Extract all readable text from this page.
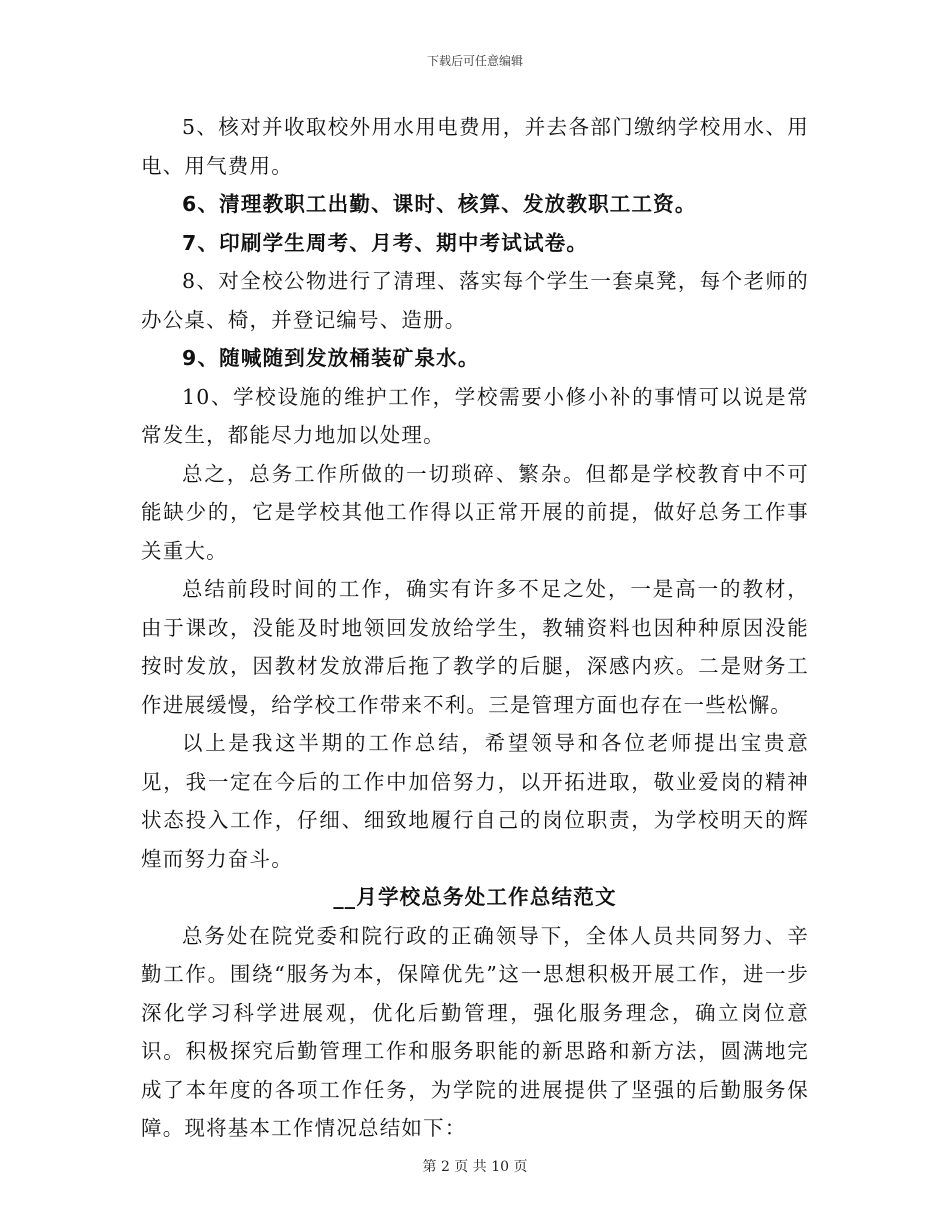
下载后可任意编辑

5、核对并收取校外用水用电费用，并去各部门缴纳学校用水、用电、用气费用。

6、清理教职工出勤、课时、核算、发放教职工工资。

7、印刷学生周考、月考、期中考试试卷。

8、对全校公物进行了清理、落实每个学生一套桌凳，每个老师的办公桌、椅，并登记编号、造册。

9、随喊随到发放桶装矿泉水。

10、学校设施的维护工作，学校需要小修小补的事情可以说是常常发生，都能尽力地加以处理。

总之，总务工作所做的一切琐碎、繁杂。但都是学校教育中不可能缺少的，它是学校其他工作得以正常开展的前提，做好总务工作事关重大。

总结前段时间的工作，确实有许多不足之处，一是高一的教材，由于课改，没能及时地领回发放给学生，教辅资料也因种种原因没能按时发放，因教材发放滞后拖了教学的后腿，深感内疚。二是财务工作进展缓慢，给学校工作带来不利。三是管理方面也存在一些松懈。

以上是我这半期的工作总结，希望领导和各位老师提出宝贵意见，我一定在今后的工作中加倍努力，以开拓进取，敬业爱岗的精神状态投入工作，仔细、细致地履行自己的岗位职责，为学校明天的辉煌而努力奋斗。

__月学校总务处工作总结范文

总务处在院党委和院行政的正确领导下，全体人员共同努力、辛勤工作。围绕“服务为本，保障优先”这一思想积极开展工作，进一步深化学习科学进展观，优化后勤管理，强化服务理念，确立岗位意识。积极探究后勤管理工作和服务职能的新思路和新方法，圆满地完成了本年度的各项工作任务，为学院的进展提供了坚强的后勤服务保障。现将基本工作情况总结如下：

第 2 页 共 10 页
